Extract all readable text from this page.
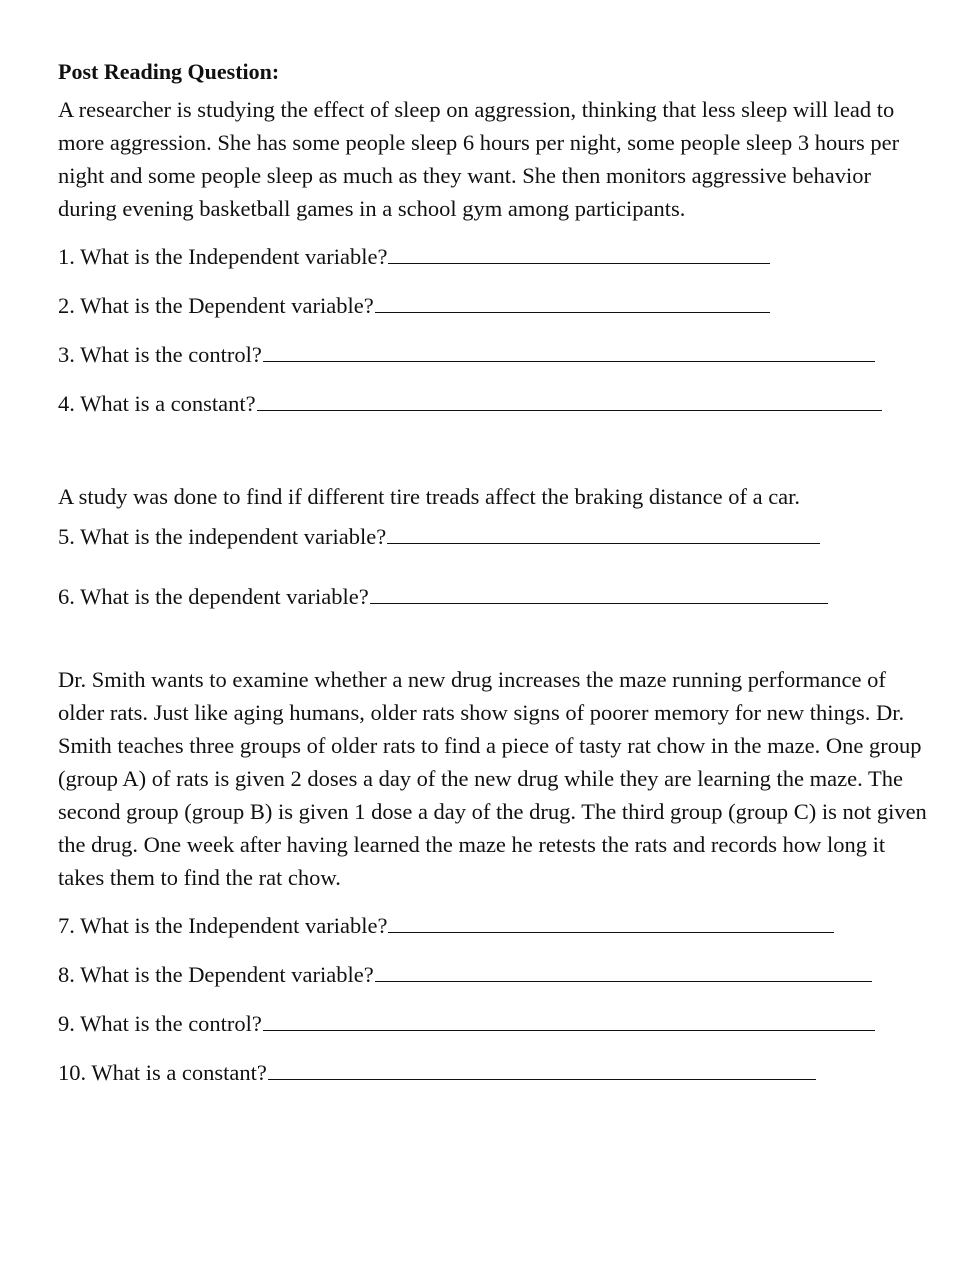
Post Reading Question:

A researcher is studying the effect of sleep on aggression, thinking that less sleep will lead to more aggression. She has some people sleep 6 hours per night, some people sleep 3 hours per night and some people sleep as much as they want. She then monitors aggressive behavior during evening basketball games in a school gym among participants.

1. What is the Independent variable?
2. What is the Dependent variable?
3. What is the control?
4. What is a constant?

A study was done to find if different tire treads affect the braking distance of a car.

5. What is the independent variable?
6. What is the dependent variable?

Dr. Smith wants to examine whether a new drug increases the maze running performance of older rats. Just like aging humans, older rats show signs of poorer memory for new things. Dr. Smith teaches three groups of older rats to find a piece of tasty rat chow in the maze. One group (group A) of rats is given 2 doses a day of the new drug while they are learning the maze. The second group (group B) is given 1 dose a day of the drug. The third group (group C) is not given the drug. One week after having learned the maze he retests the rats and records how long it takes them to find the rat chow.

7. What is the Independent variable?
8. What is the Dependent variable?
9. What is the control?
10. What is a constant?
